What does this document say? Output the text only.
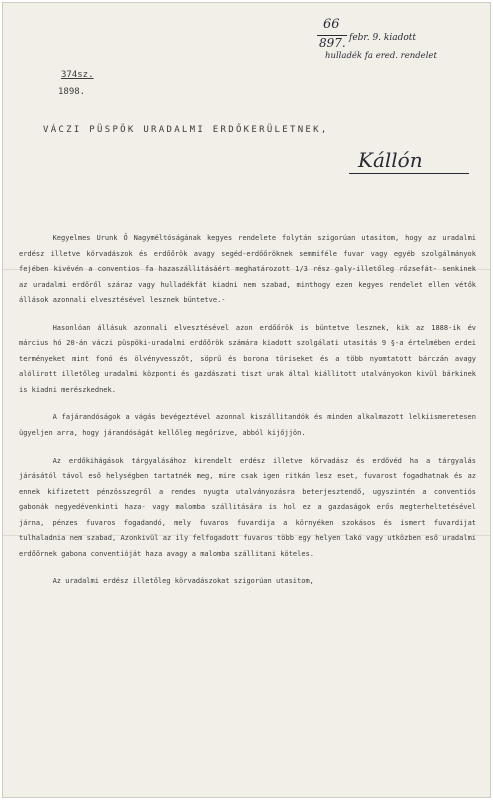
374sz.
1898.
66
897. febr. 9. kiadott
hulladék fa ered. rendelet
VÁCZI PÜSPÖK URADALMI ERDŐKERÜLETNEK,
Kállón

Kegyelmes Urunk Ő Nagyméltóságának kegyes rendelete folytán szigorúan utasitom, hogy az uradalmi erdész illetve körvadászok és erdőőrök avagy segéd-erdőőröknek semmiféle fuvar vagy egyéb szolgálmányok fejében kivévén a conventios fa hazaszállitásáért meghatározott 1/3 rész galy-illetőleg rőzsefát- senkinek az uradalmi erdőről száraz vagy hulladékfát kiadni nem szabad, minthogy ezen kegyes rendelet ellen vétők állások azonnali elvesztésével lesznek büntetve.-

Hasonlóan állásuk azonnali elvesztésével azon erdőőrök is büntetve lesznek, kik az 1888-ik év március hó 20-án váczi püspöki-uradalmi erdőőrök számára kiadott szolgálati utasitás 9 §-a értelmében erdei terményeket mint fonó és ölvényvesszőt, söprű és borona töriseket és a több nyomtatott bárczán avagy alólirott illetőleg uradalmi központi és gazdászati tiszt urak által kiállitott utalványokon kivül bárkinek is kiadni merészkednek.

A fajárandóságok a vágás bevégeztével azonnal kiszállitandók és minden alkalmazott lelkiismeretesen ügyeljen arra, hogy járandóságát kellőleg megőrizve, abból kijőjjön.

Az erdőkihágások tárgyalásához kirendelt erdész illetve körvadász és erdővéd ha a tárgyalás járásától távol eső helységben tartatnék meg, mire csak igen ritkán lesz eset, fuvarost fogadhatnak és az ennek kifizetett pénzösszegről a rendes nyugta utalványozásra beterjesztendő, ugyszintén a conventiós gabonák negyedévenkinti haza- vagy malomba szállitására is hol ez a gazdaságok erős megterheltetésével járna, pénzes fuvaros fogadandó, mely fuvaros fuvardija a környéken szokásos és ismert fuvardijat tulhaladnia nem szabad, Azonkivül az ily felfogadott fuvaros több egy helyen lakó vagy utközben eső uradalmi erdőőrnek gabona conventióját haza avagy a malomba szállitani köteles.

Az uradalmi erdész illetőleg körvadászokat szigorúan utasitom,
